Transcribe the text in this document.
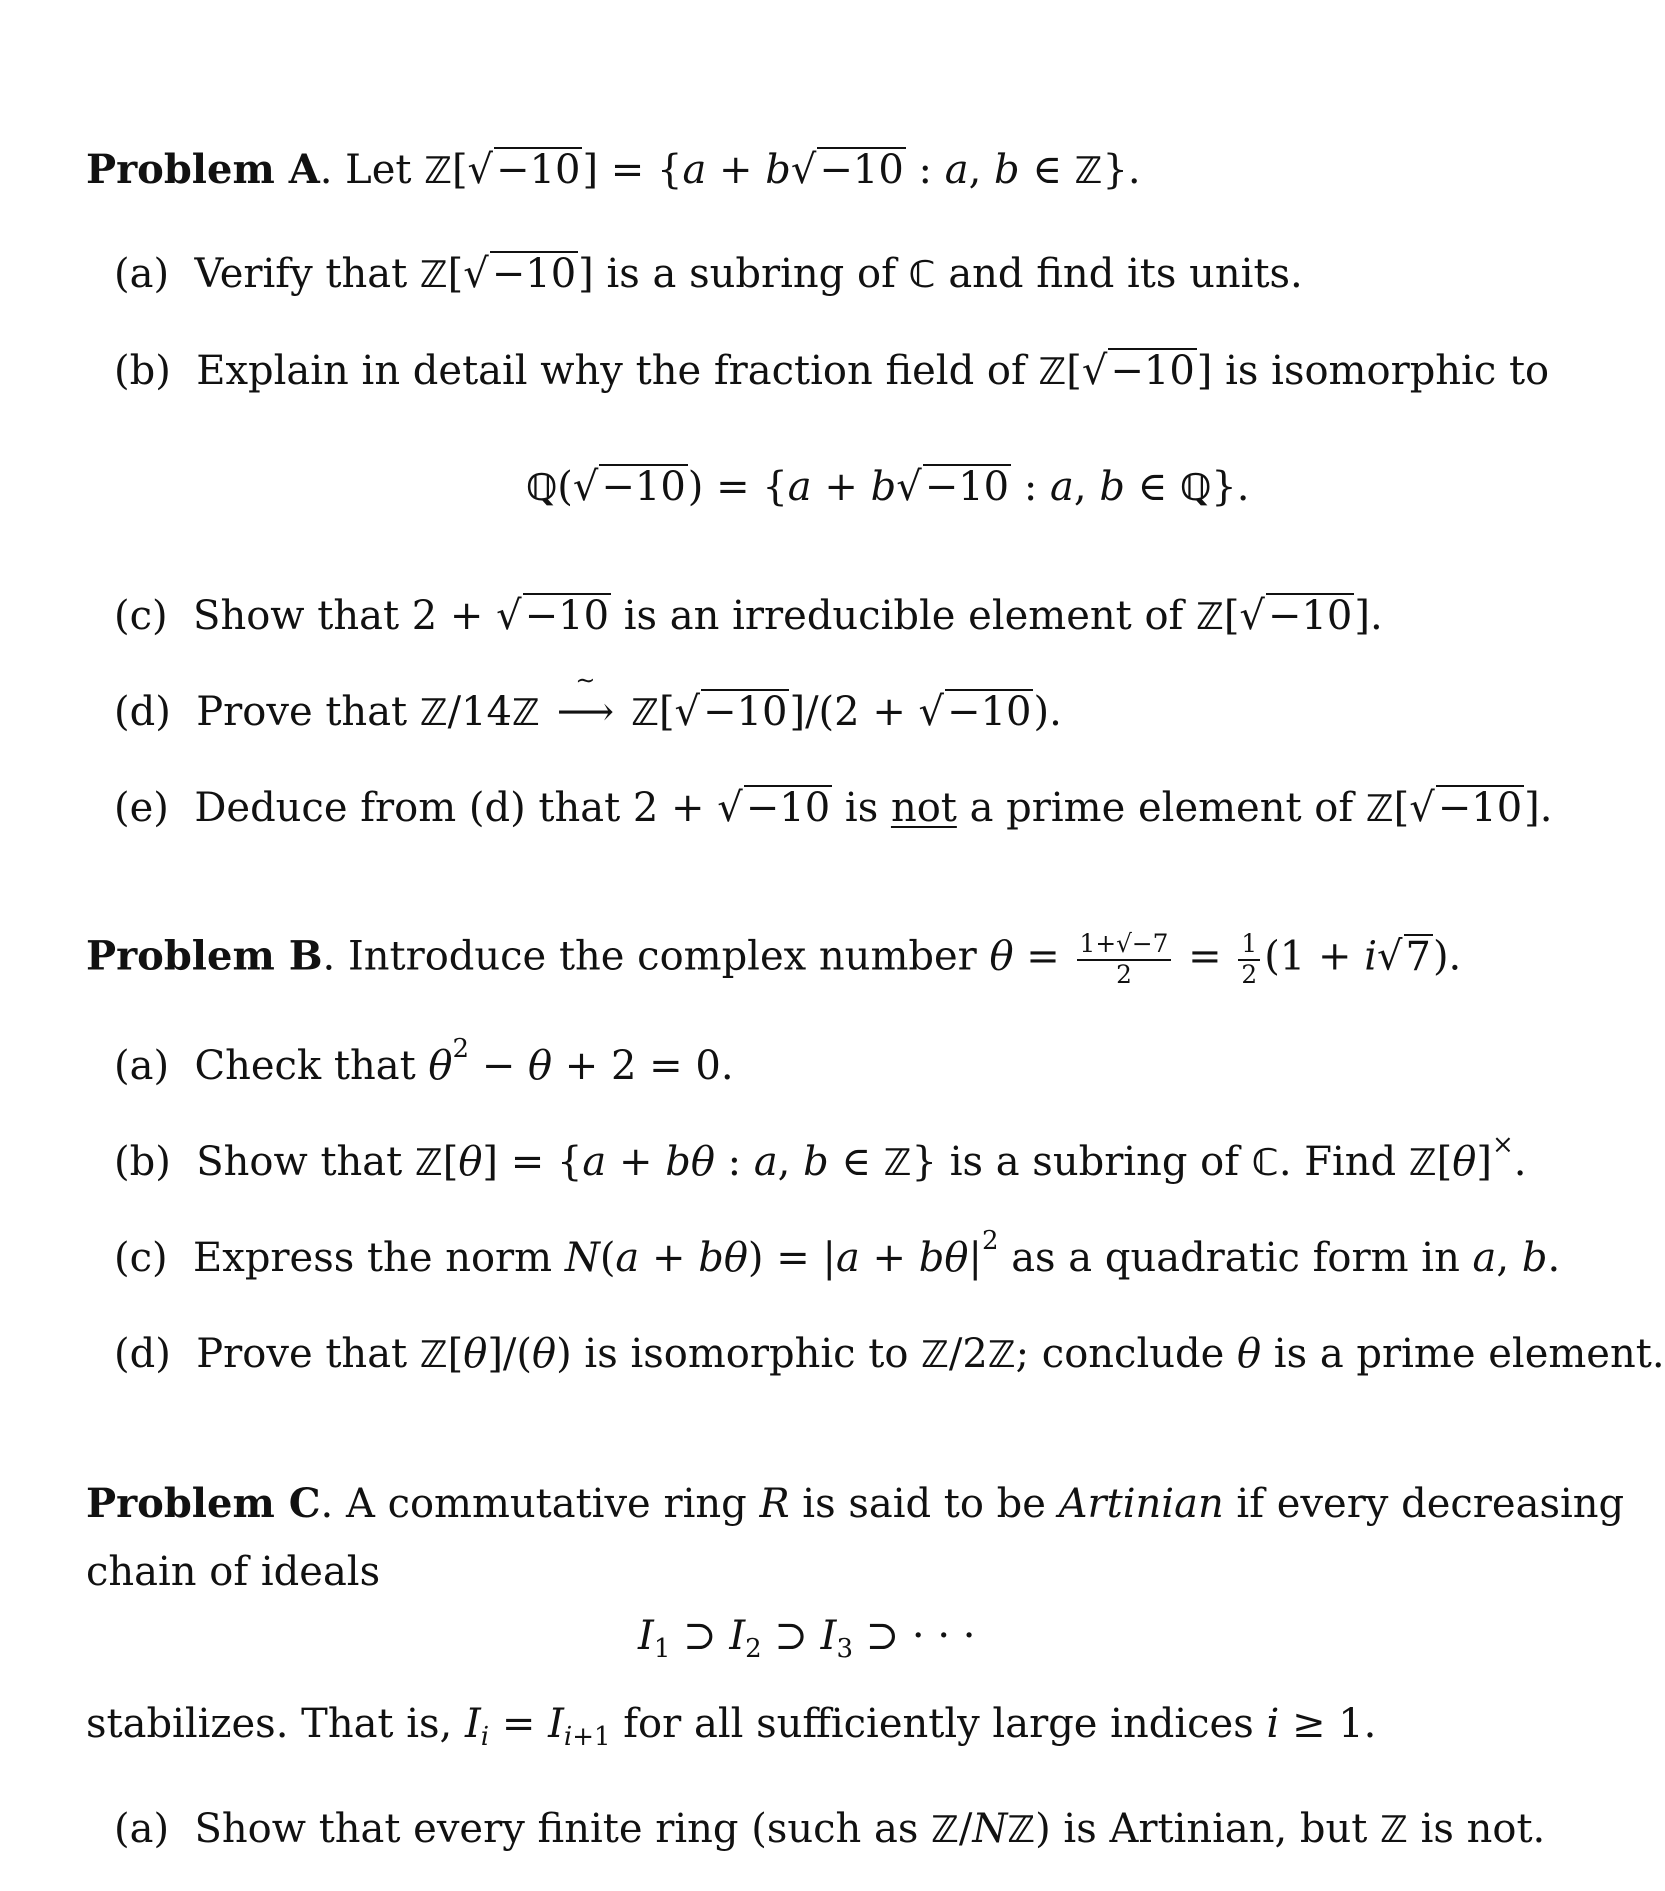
Problem A. Let ℤ[√−10] = {a + b√−10 : a, b ∈ ℤ}.
(a)  Verify that ℤ[√−10] is a subring of ℂ and find its units.
(b)  Explain in detail why the fraction field of ℤ[√−10] is isomorphic to
ℚ(√−10) = {a + b√−10 : a, b ∈ ℚ}.
(c)  Show that 2 + √−10 is an irreducible element of ℤ[√−10].
(d)  Prove that ℤ/14ℤ
∼
⟶ ℤ[√−10]/(2 + √−10).
(e)  Deduce from (d) that 2 + √−10 is not a prime element of ℤ[√−10].
Problem B. Introduce the complex number $\theta = \frac{1+√-7}{2} = \frac{1}{2} (1 + i√7)$.
(a)  Check that $\theta^2 - \theta + 2 = 0$.
(b)  Show that ℤ[θ] = {a + bθ : a, b ∈ ℤ} is a subring of ℂ. Find ℤ[θ]×.
(c)  Express the norm $N(a + b\theta) = |a + b\theta|^2$ as a quadratic form in a, b.
(d)  Prove that ℤ[θ]/(θ) is isomorphic to ℤ/2ℤ; conclude θ is a prime element.
Problem C. A commutative ring R is said to be Artinian if every decreasing
chain of ideals
$I_1$ ⊃ $I_2$ ⊃ $I_3$ ⊃ · · ·
stabilizes. That is, $I_i = I_{i+1}$ for all sufficiently large indices i ≥ 1.
(a)  Show that every finite ring (such as ℤ/Nℤ) is Artinian, but ℤ is not.
